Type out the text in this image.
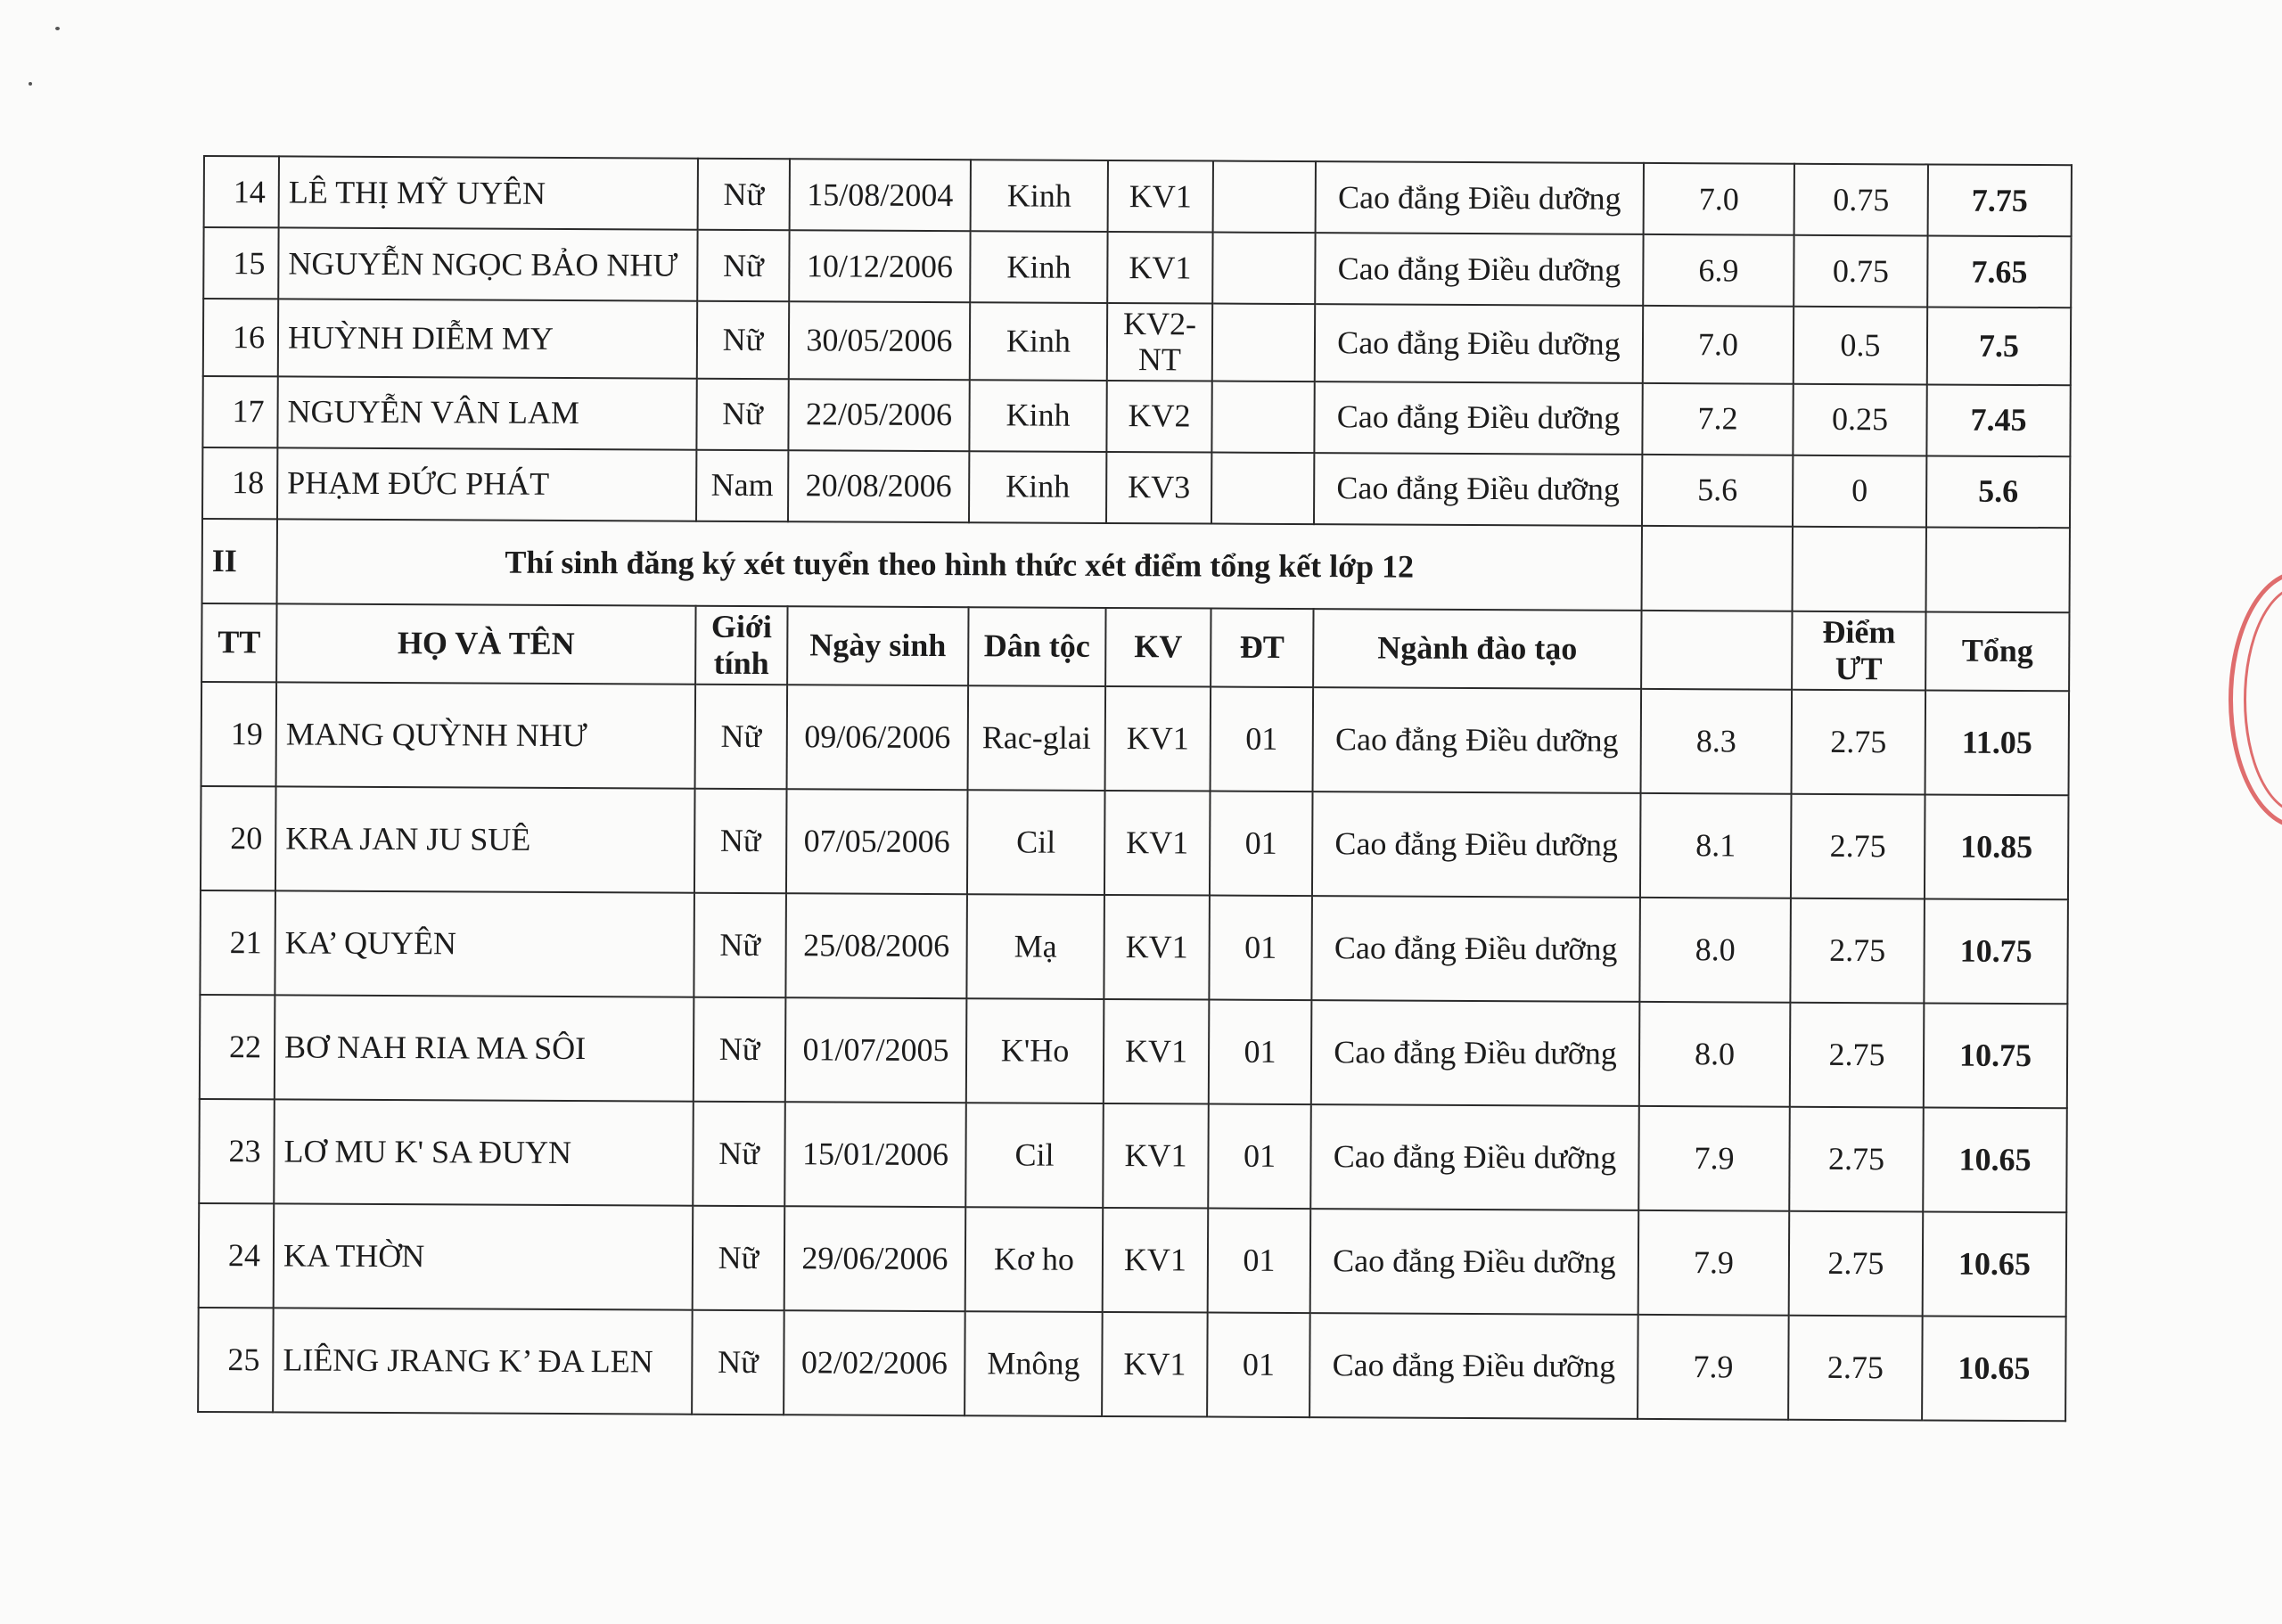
14	LÊ THỊ MỸ UYÊN	Nữ	15/08/2004	Kinh	KV1		Cao đẳng Điều dưỡng	7.0	0.75	7.75
15	NGUYỄN NGỌC BẢO NHƯ	Nữ	10/12/2006	Kinh	KV1		Cao đẳng Điều dưỡng	6.9	0.75	7.65
16	HUỲNH DIỄM MY	Nữ	30/05/2006	Kinh	KV2-NT		Cao đẳng Điều dưỡng	7.0	0.5	7.5
17	NGUYỄN VÂN LAM	Nữ	22/05/2006	Kinh	KV2		Cao đẳng Điều dưỡng	7.2	0.25	7.45
18	PHẠM ĐỨC PHÁT	Nam	20/08/2006	Kinh	KV3		Cao đẳng Điều dưỡng	5.6	0	5.6
II	Thí sinh đăng ký xét tuyển theo hình thức xét điểm tổng kết lớp 12									
TT	HỌ VÀ TÊN	Giới tính	Ngày sinh	Dân tộc	KV	ĐT	Ngành đào tạo		Điểm ƯT	Tổng
19	MANG QUỲNH NHƯ	Nữ	09/06/2006	Rac-glai	KV1	01	Cao đẳng Điều dưỡng	8.3	2.75	11.05
20	KRA JAN JU SUÊ	Nữ	07/05/2006	Cil	KV1	01	Cao đẳng Điều dưỡng	8.1	2.75	10.85
21	KA’ QUYÊN	Nữ	25/08/2006	Mạ	KV1	01	Cao đẳng Điều dưỡng	8.0	2.75	10.75
22	BƠ NAH RIA MA SÔI	Nữ	01/07/2005	K'Ho	KV1	01	Cao đẳng Điều dưỡng	8.0	2.75	10.75
23	LƠ MU K' SA ĐUYN	Nữ	15/01/2006	Cil	KV1	01	Cao đẳng Điều dưỡng	7.9	2.75	10.65
24	KA THỜN	Nữ	29/06/2006	Kơ ho	KV1	01	Cao đẳng Điều dưỡng	7.9	2.75	10.65
25	LIÊNG JRANG K’ ĐA LEN	Nữ	02/02/2006	Mnông	KV1	01	Cao đẳng Điều dưỡng	7.9	2.75	10.65
